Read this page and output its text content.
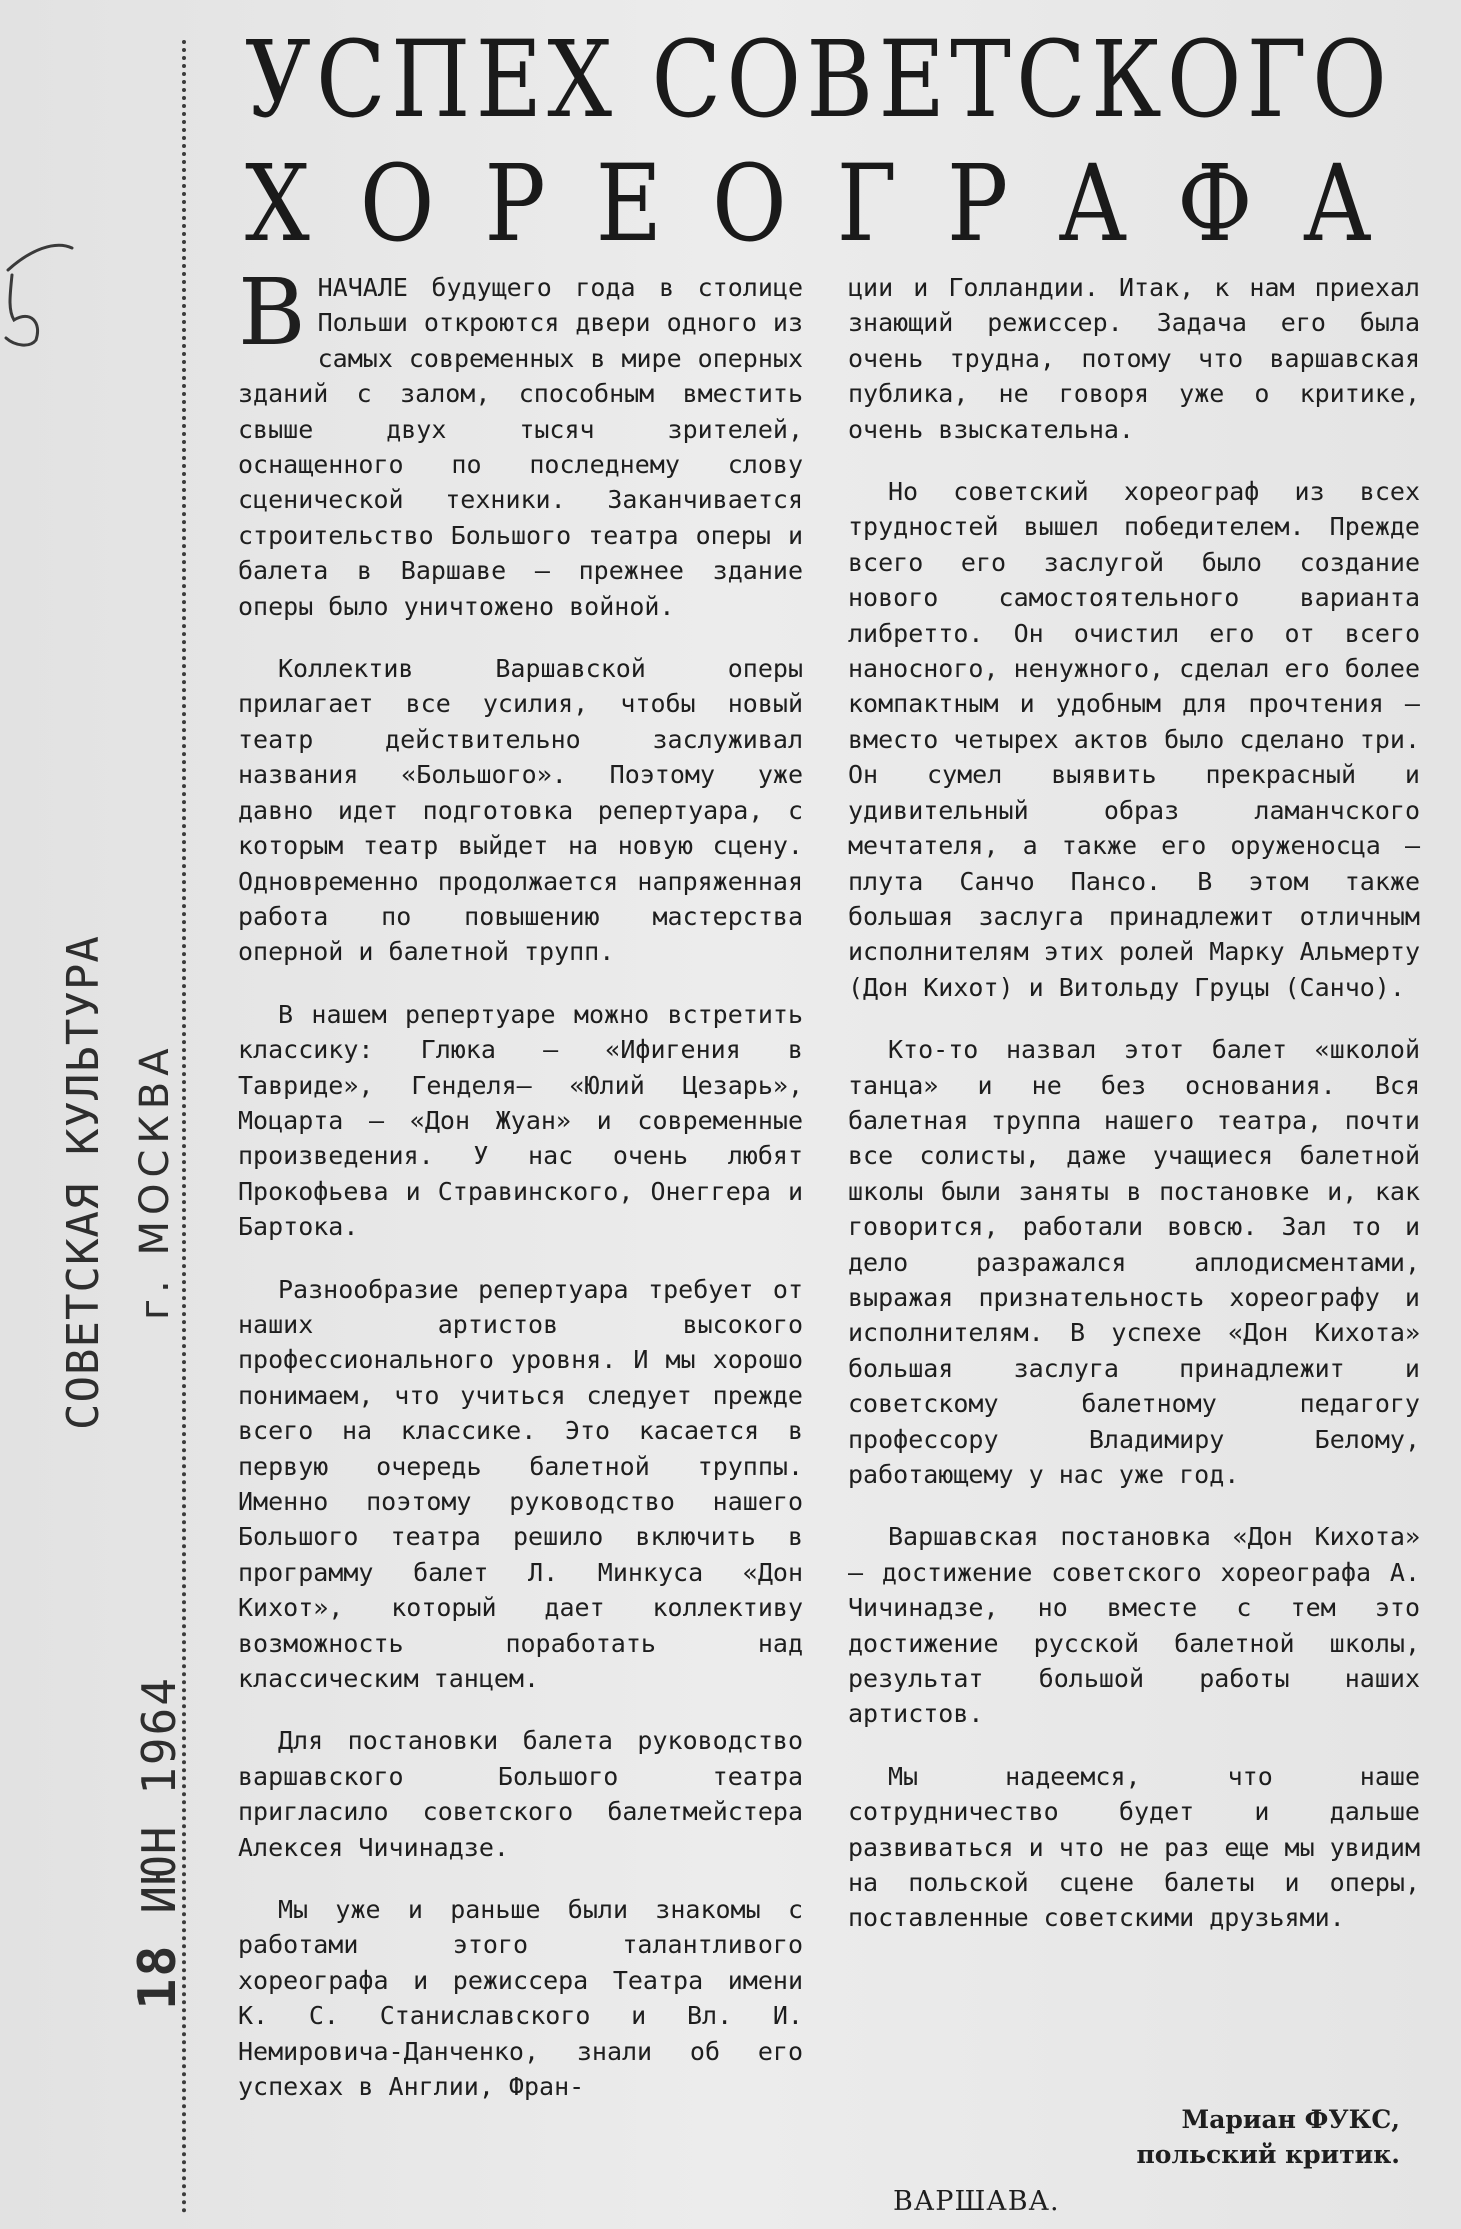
СОВЕТСКАЯ КУЛЬТУРА г. МОСКВА
18 ИЮН 1964
УСПЕХ СОВЕТСКОГО
ХОРЕОГРАФА

ВНАЧАЛЕ будущего года в столице Польши откроются двери одного из самых современных в мире оперных зданий с залом, способным вместить свыше двух тысяч зрителей, оснащенного по последнему слову сценической техники. Заканчивается строительство Большого театра оперы и балета в Варшаве — прежнее здание оперы было уничтожено войной.

Коллектив Варшавской оперы прилагает все усилия, чтобы новый театр действительно заслуживал названия «Большого». Поэтому уже давно идет подготовка репертуара, с которым театр выйдет на новую сцену. Одновременно продолжается напряженная работа по повышению мастерства оперной и балетной трупп.

В нашем репертуаре можно встретить классику: Глюка — «Ифигения в Тавриде», Генделя— «Юлий Цезарь», Моцарта — «Дон Жуан» и современные произведения. У нас очень любят Прокофьева и Стравинского, Онеггера и Бартока.

Разнообразие репертуара требует от наших артистов высокого профессионального уровня. И мы хорошо понимаем, что учиться следует прежде всего на классике. Это касается в первую очередь балетной труппы. Именно поэтому руководство нашего Большого театра решило включить в программу балет Л. Минкуса «Дон Кихот», который дает коллективу возможность поработать над классическим танцем.

Для постановки балета руководство варшавского Большого театра пригласило советского балетмейстера Алексея Чичинадзе.

Мы уже и раньше были знакомы с работами этого талантливого хореографа и режиссера Театра имени К. С. Станиславского и Вл. И. Немировича-Данченко, знали об его успехах в Англии, Фран-

ции и Голландии. Итак, к нам приехал знающий режиссер. Задача его была очень трудна, потому что варшавская публика, не говоря уже о критике, очень взыскательна.

Но советский хореограф из всех трудностей вышел победителем. Прежде всего его заслугой было создание нового самостоятельного варианта либретто. Он очистил его от всего наносного, ненужного, сделал его более компактным и удобным для прочтения — вместо четырех актов было сделано три. Он сумел выявить прекрасный и удивительный образ ламанчского мечтателя, а также его оруженосца — плута Санчо Пансо. В этом также большая заслуга принадлежит отличным исполнителям этих ролей Марку Альмерту (Дон Кихот) и Витольду Груцы (Санчо).

Кто-то назвал этот балет «школой танца» и не без основания. Вся балетная труппа нашего театра, почти все солисты, даже учащиеся балетной школы были заняты в постановке и, как говорится, работали вовсю. Зал то и дело разражался аплодисментами, выражая признательность хореографу и исполнителям. В успехе «Дон Кихота» большая заслуга принадлежит и советскому балетному педагогу профессору Владимиру Белому, работающему у нас уже год.

Варшавская постановка «Дон Кихота» — достижение советского хореографа А. Чичинадзе, но вместе с тем это достижение русской балетной школы, результат большой работы наших артистов.

Мы надеемся, что наше сотрудничество будет и дальше развиваться и что не раз еще мы увидим на польской сцене балеты и оперы, поставленные советскими друзьями.

Мариан ФУКС,
польский критик.
ВАРШАВА.
